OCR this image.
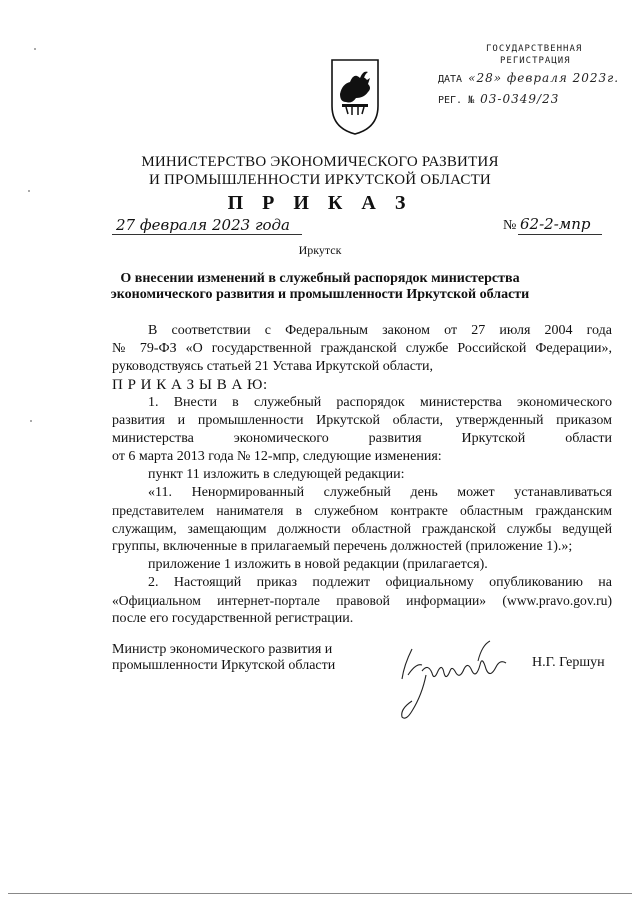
ГОСУДАРСТВЕННАЯ
РЕГИСТРАЦИЯ
ДАТА «28» февраля 2023г.
РЕГ. № 03-0349/23
МИНИСТЕРСТВО ЭКОНОМИЧЕСКОГО РАЗВИТИЯ
И ПРОМЫШЛЕННОСТИ ИРКУТСКОЙ ОБЛАСТИ
П Р И К А З
27 февраля 2023 года	№ 62-2-мпр
Иркутск
О внесении изменений в служебный распорядок министерства
экономического развития и промышленности Иркутской области
В соответствии с Федеральным законом от 27 июля 2004 года
№ 79-ФЗ «О государственной гражданской службе Российской Федерации»,
руководствуясь статьей 21 Устава Иркутской области,
П Р И К А З Ы В А Ю:
1. Внести в служебный распорядок министерства экономического
развития и промышленности Иркутской области, утвержденный приказом
министерства экономического развития Иркутской области
от 6 марта 2013 года № 12-мпр, следующие изменения:
пункт 11 изложить в следующей редакции:
«11. Ненормированный служебный день может устанавливаться
представителем нанимателя в служебном контракте областным гражданским
служащим, замещающим должности областной гражданской службы ведущей
группы, включенные в прилагаемый перечень должностей (приложение 1).»;
приложение 1 изложить в новой редакции (прилагается).
2. Настоящий приказ подлежит официальному опубликованию на
«Официальном интернет-портале правовой информации» (www.pravo.gov.ru)
после его государственной регистрации.
Министр экономического развития и
промышленности Иркутской области	Н.Г. Гершун
